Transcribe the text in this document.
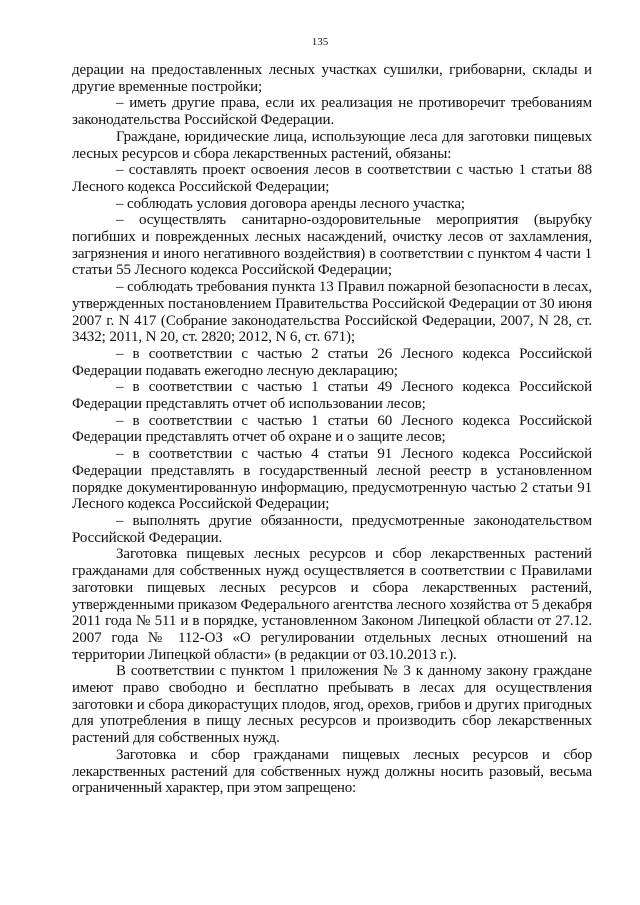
135

дерации на предоставленных лесных участках сушилки, грибоварни, склады и другие временные постройки;

– иметь другие права, если их реализация не противоречит требованиям законодательства Российской Федерации.

Граждане, юридические лица, использующие леса для заготовки пищевых лесных ресурсов и сбора лекарственных растений, обязаны:

– составлять проект освоения лесов в соответствии с частью 1 статьи 88 Лесного кодекса Российской Федерации;

– соблюдать условия договора аренды лесного участка;

– осуществлять санитарно-оздоровительные мероприятия (вырубку погибших и поврежденных лесных насаждений, очистку лесов от захламления, загрязнения и иного негативного воздействия) в соответствии с пунктом 4 части 1 статьи 55 Лесного кодекса Российской Федерации;

– соблюдать требования пункта 13 Правил пожарной безопасности в лесах, утвержденных постановлением Правительства Российской Федерации от 30 июня 2007 г. N 417 (Собрание законодательства Российской Федерации, 2007, N 28, ст. 3432; 2011, N 20, ст. 2820; 2012, N 6, ст. 671);

– в соответствии с частью 2 статьи 26 Лесного кодекса Российской Федерации подавать ежегодно лесную декларацию;

– в соответствии с частью 1 статьи 49 Лесного кодекса Российской Федерации представлять отчет об использовании лесов;

– в соответствии с частью 1 статьи 60 Лесного кодекса Российской Федерации представлять отчет об охране и о защите лесов;

– в соответствии с частью 4 статьи 91 Лесного кодекса Российской Федерации представлять в государственный лесной реестр в установленном порядке документированную информацию, предусмотренную частью 2 статьи 91 Лесного кодекса Российской Федерации;

– выполнять другие обязанности, предусмотренные законодательством Российской Федерации.

Заготовка пищевых лесных ресурсов и сбор лекарственных растений гражданами для собственных нужд осуществляется в соответствии с Правилами заготовки пищевых лесных ресурсов и сбора лекарственных растений, утвержденными приказом Федерального агентства лесного хозяйства от 5 декабря 2011 года № 511 и в порядке, установленном Законом Липецкой области от 27.12. 2007 года № 112-ОЗ «О регулировании отдельных лесных отношений на территории Липецкой области» (в редакции от 03.10.2013 г.).

В соответствии с пунктом 1 приложения № 3 к данному закону граждане имеют право свободно и бесплатно пребывать в лесах для осуществления заготовки и сбора дикорастущих плодов, ягод, орехов, грибов и других пригодных для употребления в пищу лесных ресурсов и производить сбор лекарственных растений для собственных нужд.

Заготовка и сбор гражданами пищевых лесных ресурсов и сбор лекарственных растений для собственных нужд должны носить разовый, весьма ограниченный характер, при этом запрещено:
